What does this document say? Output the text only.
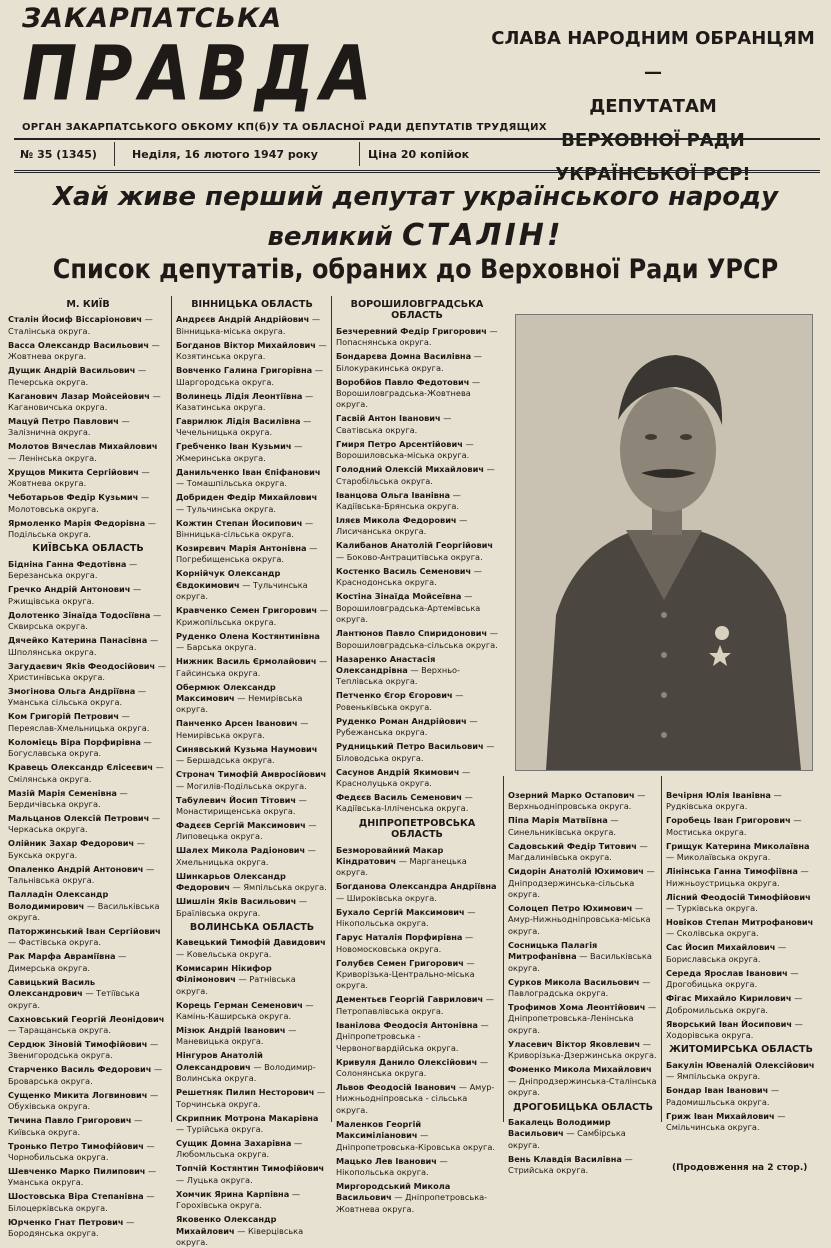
ЗАКАРПАТСЬКА
ПРАВДА
ОРГАН ЗАКАРПАТСЬКОГО ОБКОМУ КП(б)У ТА ОБЛАСНОЇ РАДИ ДЕПУТАТІВ ТРУДЯЩИХ
СЛАВА НАРОДНИМ ОБРАНЦЯМ —
ДЕПУТАТАМ
ВЕРХОВНОЇ РАДИ УКРАЇНСЬКОЇ РСР!
№ 35 (1345)	Неділя, 16 лютого 1947 року	Ціна 20 копійок
Хай живе перший депутат українського народу
великий СТАЛІН!
Список депутатів, обраних до Верховної Ради УРСР
М. КИЇВ
Сталін Йосиф Віссаріонович — Сталінська округа.
Васса Олександр Васильович — Жовтнева округа.
Дущик Андрій Васильович — Печерська округа.
Каганович Лазар Мойсейович — Кагановичська округа.
Мацуй Петро Павлович — Залізнична округа.
Молотов Вячеслав Михайлович — Ленінська округа.
Хрущов Микита Сергійович — Жовтнева округа.
Чеботарьов Федір Кузьмич — Молотовська округа.
Ярмоленко Марія Федорівна — Подільська округа.
КИЇВСЬКА ОБЛАСТЬ
Бідніна Ганна Федотівна — Березанська округа.
Гречко Андрій Антонович — Ржищівська округа.
Долотенко Зінаїда Тодосіївна — Сквирська округа.
Дячейко Катерина Панасівна — Шполянська округа.
Загудаєвич Яків Феодосійович — Христинівська округа.
Змогінова Ольга Андріївна — Уманська сільська округа.
Ком Григорій Петрович — Переяслав-Хмельницька округа.
Коломієць Віра Порфирівна — Богуславська округа.
Кравець Олександр Єлісеєвич — Смілянська округа.
Мазій Марія Семенівна — Бердичівська округа.
Мальцанов Олексій Петрович — Черкаська округа.
Олійник Захар Федорович — Букська округа.
Опаленко Андрій Антонович — Тальнівська округа.
Палладін Олександр Володимирович — Васильківська округа.
Паторжинський Іван Сергійович — Фастівська округа.
Рак Марфа Авраміївна — Димерська округа.
Савицький Василь Олександрович — Тетіївська округа.
Сахновський Георгій Леонідович — Таращанська округа.
Сердюк Зіновій Тимофійович — Звенигородська округа.
Старченко Василь Федорович — Броварська округа.
Сущенко Микита Логвинович — Обухівська округа.
Тичина Павло Григорович — Київська округа.
Тронько Петро Тимофійович — Чорнобильська округа.
Шевченко Марко Пилипович — Уманська округа.
Шостовська Віра Степанівна — Білоцерківська округа.
Юрченко Гнат Петрович — Бородянська округа.
ВІННИЦЬКА ОБЛАСТЬ
Андрєєв Андрій Андрійович — Вінницька-міська округа.
Богданов Віктор Михайлович — Козятинська округа.
Вовченко Галина Григорівна — Шаргородська округа.
Волинець Лідія Леонтіївна — Казатинська округа.
Гаврилюк Лідія Василівна — Чечельницька округа.
Гребченко Іван Кузьмич — Жмеринська округа.
Данильченко Іван Єпіфанович — Томашпільська округа.
Добриден Федір Михайлович — Тульчинська округа.
Кожтин Степан Йосипович — Вінницька-сільська округа.
Козирєвич Марія Антонівна — Погребищенська округа.
Корнійчук Олександр Євдокимович — Тульчинська округа.
Кравченко Семен Григорович — Крижопільська округа.
Руденко Олена Костянтинівна — Барська округа.
Нижник Василь Єрмолайович — Гайсинська округа.
Обермюк Олександр Максимович — Немирівська округа.
Панченко Арсен Іванович — Немирівська округа.
Синявський Кузьма Наумович — Бершадська округа.
Стронач Тимофій Амвросійович — Могилів-Подільська округа.
Табулевич Йосип Тітович — Монастирищенська округа.
Фадєєв Сергій Максимович — Липовецька округа.
Шалех Микола Радіонович — Хмельницька округа.
Шинкарьов Олександр Федорович — Ямпільська округа.
Шишлін Яків Васильович — Браїлівська округа.
ВОЛИНСЬКА ОБЛАСТЬ
Кавецький Тимофій Давидович — Ковельська округа.
Комисарин Нікифор Філімонович — Ратнівська округа.
Корець Герман Семенович — Камінь-Каширська округа.
Мізюк Андрій Іванович — Маневицька округа.
Нінгуров Анатолій Олександрович — Володимир-Волинська округа.
Решетняк Пилип Несторович — Торчинська округа.
Скрипник Мотрона Макарівна — Турійська округа.
Сущик Домна Захарівна — Любомльська округа.
Топчій Костянтин Тимофійович — Луцька округа.
Хомчик Ярина Карпівна — Горохівська округа.
Яковенко Олександр Михайлович — Ківерцівська округа.
ВОРОШИЛОВГРАДСЬКА ОБЛАСТЬ
Безчеревний Федір Григорович — Попаснянська округа.
Бондарєва Домна Василівна — Білокуракинська округа.
Воробйов Павло Федотович — Ворошиловградська-Жовтнева округа.
Гасвій Антон Іванович — Сватівська округа.
Гмиря Петро Арсентійович — Ворошиловська-міська округа.
Голодний Олексій Михайлович — Старобільська округа.
Іванцова Ольга Іванівна — Кадіївська-Брянська округа.
Іляєв Микола Федорович — Лисичанська округа.
Калибанов Анатолій Георгійович — Боково-Антрацитівська округа.
Костенко Василь Семенович — Краснодонська округа.
Костіна Зінаїда Мойсеївна — Ворошиловградська-Артемівська округа.
Лантюнов Павло Спиридонович — Ворошиловградська-сільська округа.
Назаренко Анастасія Олександрівна — Верхньо-Теплівська округа.
Петченко Єгор Єгорович — Ровеньківська округа.
Руденко Роман Андрійович — Рубежанська округа.
Рудницький Петро Васильович — Біловодська округа.
Сасунов Андрій Якимович — Краснолуцька округа.
Федєєв Василь Семенович — Кадіївська-Ілліченська округа.
ДНІПРОПЕТРОВСЬКА ОБЛАСТЬ
Безморовайний Макар Кіндратович — Марганецька округа.
Богданова Олександра Андріївна — Широківська округа.
Бухало Сергій Максимович — Нікопольська округа.
Гарус Наталія Порфирівна — Новомосковська округа.
Голубєв Семен Григорович — Криворізька-Центрально-міська округа.
Дементьєв Георгій Гаврилович — Петропавлівська округа.
Іванілова Феодосія Антонівна — Дніпропетровська - Червоногвардійська округа.
Кривуля Данило Олексійович — Солонянська округа.
Львов Феодосій Іванович — Амур-Нижньодніпровська - сільська округа.
Маленков Георгій Максиміліанович — Дніпропетровська-Кіровська округа.
Мацько Лев Іванович — Нікопольська округа.
Миргородський Микола Васильович — Дніпропетровська-Жовтнева округа.
Озерний Марко Остапович — Верхньодніпровська округа.
Піпа Марія Матвіївна — Синельниківська округа.
Садовський Федір Титович — Магдалинівська округа.
Сидорін Анатолій Юхимович — Дніпродзержинська-сільська округа.
Солоцеп Петро Юхимович — Амур-Нижньодніпровська-міська округа.
Сосницька Палагія Митрофанівна — Васильківська округа.
Сурков Микола Васильович — Павлоградська округа.
Трофимов Хома Леонтійович — Дніпропетровська-Ленінська округа.
Уласевич Віктор Яковлевич — Криворізька-Дзержинська округа.
Фоменко Микола Михайлович — Дніпродзержинська-Сталінська округа.
ДРОГОБИЦЬКА ОБЛАСТЬ
Бакалець Володимир Васильович — Самбірська округа.
Вень Клавдія Василівна — Стрийська округа.
Вечірня Юлія Іванівна — Рудківська округа.
Горобець Іван Григорович — Мостиська округа.
Грищук Катерина Миколаївна — Миколаївська округа.
Лінінська Ганна Тимофіївна — Нижньоустрицька округа.
Лісний Феодосій Тимофійович — Турківська округа.
Новіков Степан Митрофанович — Сколівська округа.
Сас Йосип Михайлович — Бориславська округа.
Середа Ярослав Іванович — Дрогобицька округа.
Фігас Михайло Кирилович — Добромильська округа.
Яворський Іван Йосипович — Ходорівська округа.
ЖИТОМИРСЬКА ОБЛАСТЬ
Бакулін Ювеналій Олексійович — Ямпільська округа.
Бондар Іван Іванович — Радомишльська округа.
Гриж Іван Михайлович — Смільчинська округа.
(Продовження на 2 стор.)
